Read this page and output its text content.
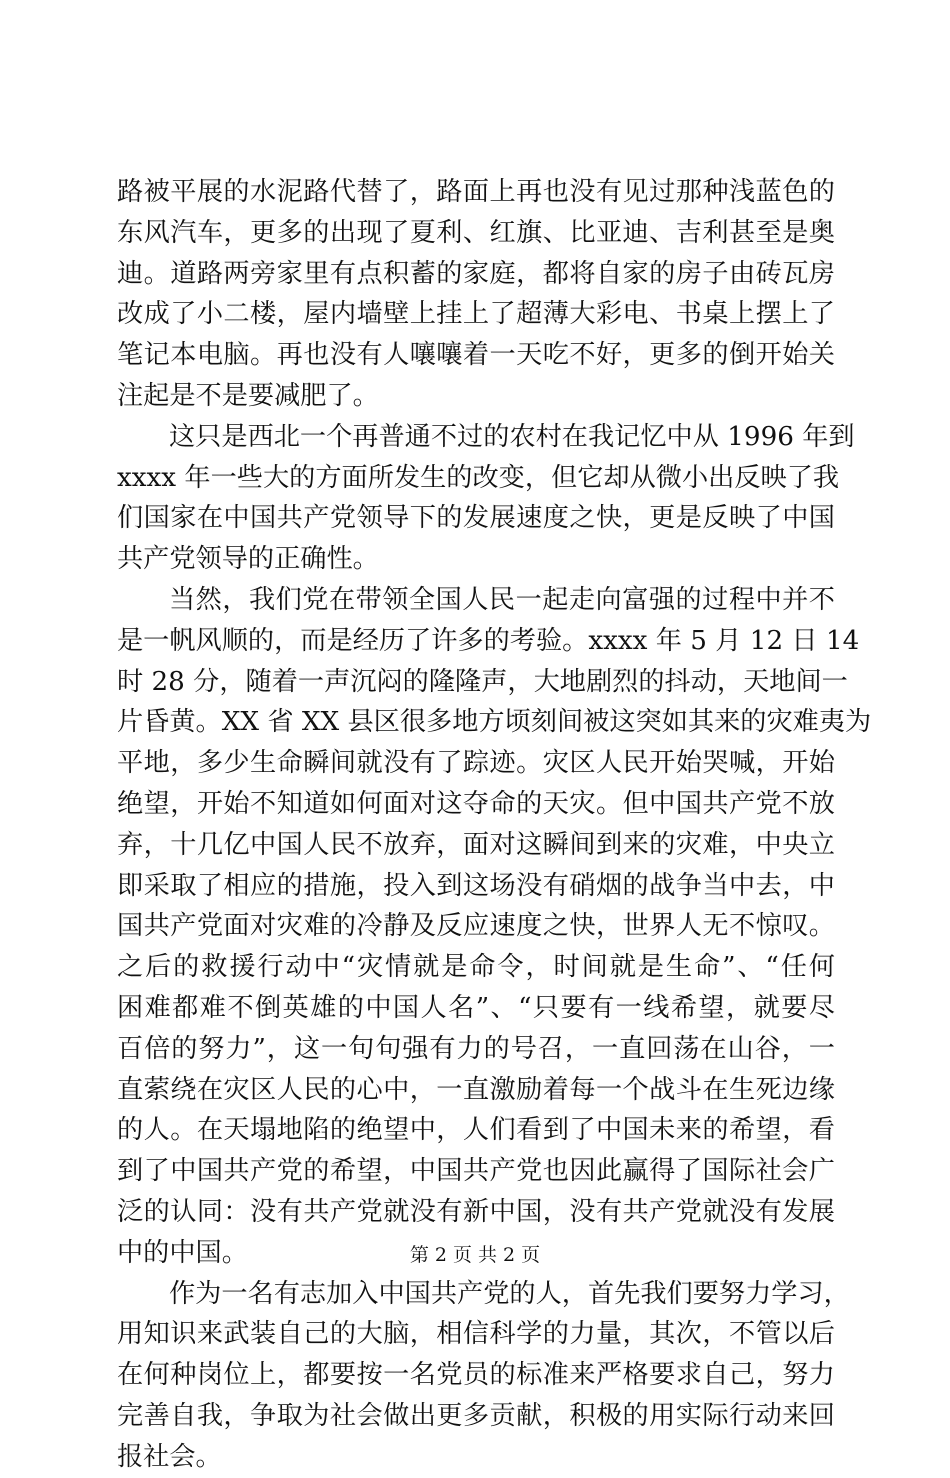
路被平展的水泥路代替了，路面上再也没有见过那种浅蓝色的

东风汽车，更多的出现了夏利、红旗、比亚迪、吉利甚至是奥

迪。道路两旁家里有点积蓄的家庭，都将自家的房子由砖瓦房

改成了小二楼，屋内墙壁上挂上了超薄大彩电、书桌上摆上了

笔记本电脑。再也没有人嚷嚷着一天吃不好，更多的倒开始关

注起是不是要减肥了。

这只是西北一个再普通不过的农村在我记忆中从 1996 年到

xxxx 年一些大的方面所发生的改变，但它却从微小出反映了我

们国家在中国共产党领导下的发展速度之快，更是反映了中国

共产党领导的正确性。

当然，我们党在带领全国人民一起走向富强的过程中并不

是一帆风顺的，而是经历了许多的考验。xxxx 年 5 月 12 日 14

时 28 分，随着一声沉闷的隆隆声，大地剧烈的抖动，天地间一

片昏黄。XX 省 XX 县区很多地方顷刻间被这突如其来的灾难夷为

平地，多少生命瞬间就没有了踪迹。灾区人民开始哭喊，开始

绝望，开始不知道如何面对这夺命的天灾。但中国共产党不放

弃，十几亿中国人民不放弃，面对这瞬间到来的灾难，中央立

即采取了相应的措施，投入到这场没有硝烟的战争当中去，中

国共产党面对灾难的冷静及反应速度之快，世界人无不惊叹。

之后的救援行动中“灾情就是命令，时间就是生命”、“任何

困难都难不倒英雄的中国人名”、“只要有一线希望，就要尽

百倍的努力”，这一句句强有力的号召，一直回荡在山谷，一

直萦绕在灾区人民的心中，一直激励着每一个战斗在生死边缘

的人。在天塌地陷的绝望中，人们看到了中国未来的希望，看

到了中国共产党的希望，中国共产党也因此赢得了国际社会广

泛的认同：没有共产党就没有新中国，没有共产党就没有发展

中的中国。

作为一名有志加入中国共产党的人，首先我们要努力学习，

用知识来武装自己的大脑，相信科学的力量，其次，不管以后

在何种岗位上，都要按一名党员的标准来严格要求自己，努力

完善自我，争取为社会做出更多贡献，积极的用实际行动来回

报社会。

第 2 页 共 2 页
